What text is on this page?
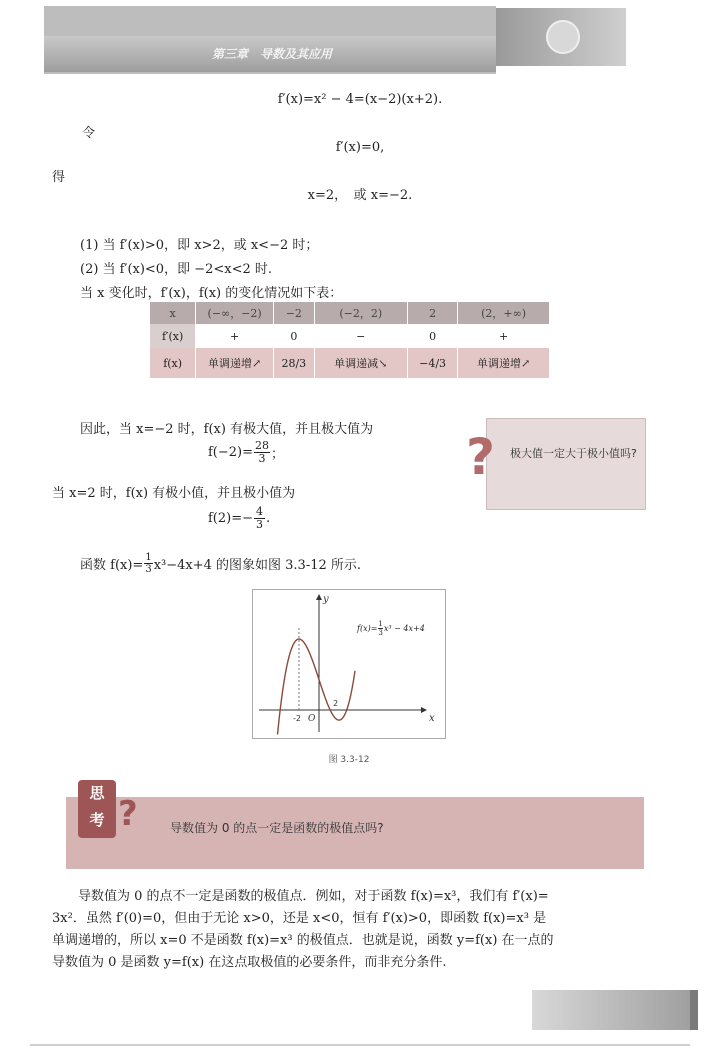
第三章　导数及其应用
f′(x)=x² − 4=(x−2)(x+2).
令
f′(x)=0,
得
x=2，　或 x=−2.
(1) 当 f′(x)>0，即 x>2，或 x<−2 时；
(2) 当 f′(x)<0，即 −2<x<2 时.
当 x 变化时，f′(x)，f(x) 的变化情况如下表：
x	(−∞，−2)	−2	(−2，2)	2	(2，+∞)
f′(x)	+	0	−	0	+
f(x)	单调递增↗	28/3	单调递减↘	−4/3	单调递增↗
因此，当 x=−2 时，f(x) 有极大值，并且极大值为
$f(-2)= \frac{28}{3}$ ；
当 x=2 时，f(x) 有极小值，并且极小值为
$f(2)=- \frac{4}{3}$ .
函数 $f(x)= \frac{1}{3} x^3-4x+4$ 的图象如图 3.3-12 所示.
? 极大值一定大于极小值吗?
x
y
O
-2
2
$f(x)= \frac{1}{3} x^3 - 4x+4$
图 3.3-12
思
考 ?	导数值为 0 的点一定是函数的极值点吗?

导数值为 0 的点不一定是函数的极值点．例如，对于函数 f(x)=x³，我们有 f′(x)=

3x²．虽然 f′(0)=0，但由于无论 x>0，还是 x<0，恒有 f′(x)>0，即函数 f(x)=x³ 是
单调递增的，所以 x=0 不是函数 f(x)=x³ 的极值点．也就是说，函数 y=f(x) 在一点的
导数值为 0 是函数 y=f(x) 在这点取极值的必要条件，而非充分条件.
